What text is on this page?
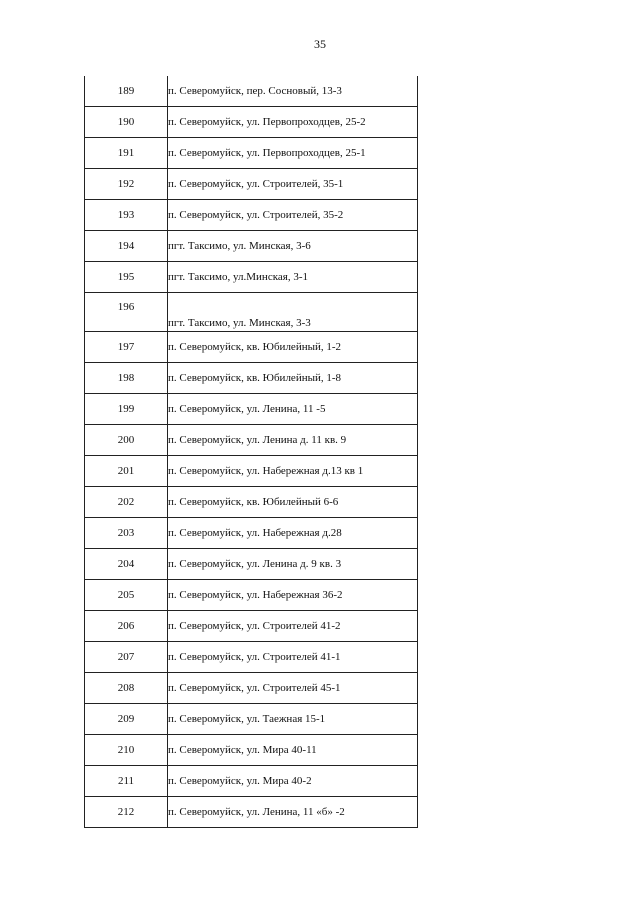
35
189	п. Северомуйск, пер. Сосновый, 13-3
190	п. Северомуйск, ул. Первопроходцев, 25-2
191	п. Северомуйск, ул. Первопроходцев, 25-1
192	п. Северомуйск, ул. Строителей, 35-1
193	п. Северомуйск, ул. Строителей, 35-2
194	пгт. Таксимо, ул. Минская, 3-6
195	пгт. Таксимо, ул.Минская, 3-1
196	пгт. Таксимо, ул. Минская, 3-3
197	п. Северомуйск, кв. Юбилейный, 1-2
198	п. Северомуйск, кв. Юбилейный, 1-8
199	п. Северомуйск, ул. Ленина, 11 -5
200	п. Северомуйск, ул. Ленина д. 11 кв. 9
201	п. Северомуйск, ул. Набережная д.13 кв 1
202	п. Северомуйск, кв. Юбилейный 6-6
203	п. Северомуйск, ул. Набережная д.28
204	п. Северомуйск, ул. Ленина д. 9 кв. 3
205	п. Северомуйск, ул. Набережная 36-2
206	п. Северомуйск, ул. Строителей 41-2
207	п. Северомуйск, ул. Строителей 41-1
208	п. Северомуйск, ул. Строителей 45-1
209	п. Северомуйск, ул. Таежная 15-1
210	п. Северомуйск, ул. Мира 40-11
211	п. Северомуйск, ул. Мира 40-2
212	п. Северомуйск, ул. Ленина, 11 «б» -2
